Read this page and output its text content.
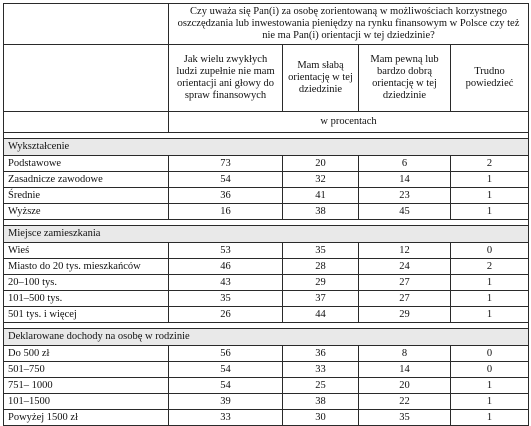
	Czy uważa się Pan(i) za osobę zorientowaną w możliwościach korzystnego oszczędzania lub inwestowania pieniędzy na rynku finansowym w Polsce czy też nie ma Pan(i) orientacji w tej dziedzinie?			
	Jak wielu zwykłych ludzi zupełnie nie mam orientacji ani głowy do spraw finansowych	Mam słabą orientację w tej dziedzinie	Mam pewną lub bardzo dobrą orientację w tej dziedzinie	Trudno powiedzieć
	w procentach			

Wykształcenie				
Podstawowe	73	20	6	2
Zasadnicze zawodowe	54	32	14	1
Średnie	36	41	23	1
Wyższe	16	38	45	1

Miejsce zamieszkania				
Wieś	53	35	12	0
Miasto do 20 tys. mieszkańców	46	28	24	2
20–100 tys.	43	29	27	1
101–500 tys.	35	37	27	1
501 tys. i więcej	26	44	29	1

Deklarowane dochody na osobę w rodzinie				
Do 500 zł	56	36	8	0
501–750	54	33	14	0
751– 1000	54	25	20	1
101–1500	39	38	22	1
Powyżej 1500 zł	33	30	35	1
